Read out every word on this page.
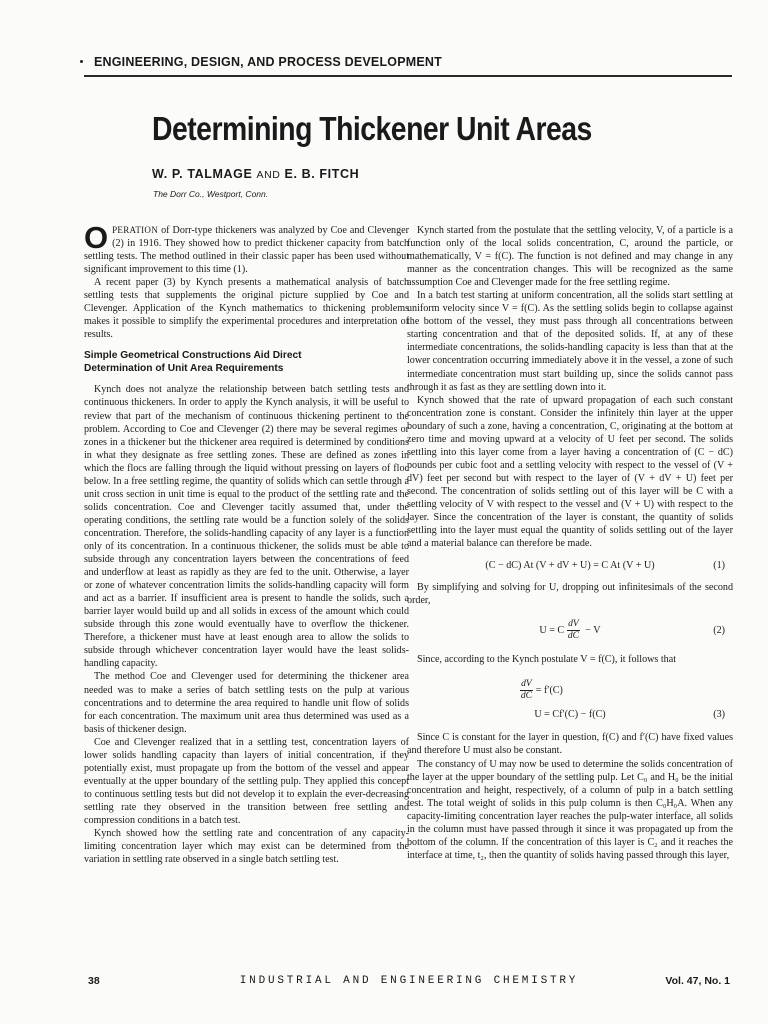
ENGINEERING, DESIGN, AND PROCESS DEVELOPMENT
Determining Thickener Unit Areas
W. P. TALMAGE AND E. B. FITCH
The Dorr Co., Westport, Conn.

OPERATION of Dorr-type thickeners was analyzed by Coe and Clevenger (2) in 1916. They showed how to predict thickener capacity from batch settling tests. The method outlined in their classic paper has been used without significant improvement to this time (1).

A recent paper (3) by Kynch presents a mathematical analysis of batch settling tests that supplements the original picture supplied by Coe and Clevenger. Application of the Kynch mathematics to thickening problems makes it possible to simplify the experimental procedures and interpretation of results.

Simple Geometrical Constructions Aid Direct
Determination of Unit Area Requirements

Kynch does not analyze the relationship between batch settling tests and continuous thickeners. In order to apply the Kynch analysis, it will be useful to review that part of the mechanism of continuous thickening pertinent to the problem. According to Coe and Clevenger (2) there may be several regimes or zones in a thickener but the thickener area required is determined by conditions in what they designate as free settling zones. These are defined as zones in which the flocs are falling through the liquid without pressing on layers of floc below. In a free settling regime, the quantity of solids which can settle through a unit cross section in unit time is equal to the product of the settling rate and the solids concentration. Coe and Clevenger tacitly assumed that, under the operating conditions, the settling rate would be a function solely of the solids concentration. Therefore, the solids-handling capacity of any layer is a function only of its concentration. In a continuous thickener, the solids must be able to subside through any concentration layers between the concentrations of feed and underflow at least as rapidly as they are fed to the unit. Otherwise, a layer or zone of whatever concentration limits the solids-handling capacity will form and act as a barrier. If insufficient area is present to handle the solids, such a barrier layer would build up and all solids in excess of the amount which could subside through this zone would eventually have to overflow the thickener. Therefore, a thickener must have at least enough area to allow the solids to subside through whichever concentration layer would have the least solids-handling capacity.

The method Coe and Clevenger used for determining the thickener area needed was to make a series of batch settling tests on the pulp at various concentrations and to determine the area required to handle unit flow of solids for each concentration. The maximum unit area thus determined was used as a basis of thickener design.

Coe and Clevenger realized that in a settling test, concentration layers of lower solids handling capacity than layers of initial concentration, if they potentially exist, must propagate up from the bottom of the vessel and appear eventually at the upper boundary of the settling pulp. They applied this concept to continuous settling tests but did not develop it to explain the ever-decreasing settling rate they observed in the transition between free settling and compression conditions in a batch test.

Kynch showed how the settling rate and concentration of any capacity-limiting concentration layer which may exist can be determined from the variation in settling rate observed in a single batch settling test.

Kynch started from the postulate that the settling velocity, V, of a particle is a function only of the local solids concentration, C, around the particle, or mathematically, V = f(C). The function is not defined and may change in any manner as the concentration changes. This will be recognized as the same assumption Coe and Clevenger made for the free settling regime.

In a batch test starting at uniform concentration, all the solids start settling at uniform velocity since V = f(C). As the settling solids begin to collapse against the bottom of the vessel, they must pass through all concentrations between starting concentration and that of the deposited solids. If, at any of these intermediate concentrations, the solids-handling capacity is less than that at the lower concentration occurring immediately above it in the vessel, a zone of such intermediate concentration must start building up, since the solids cannot pass through it as fast as they are settling down into it.

Kynch showed that the rate of upward propagation of each such constant concentration zone is constant. Consider the infinitely thin layer at the upper boundary of such a zone, having a concentration, C, originating at the bottom at zero time and moving upward at a velocity of U feet per second. The solids settling into this layer come from a layer having a concentration of (C − dC) pounds per cubic foot and a settling velocity with respect to the vessel of (V + dV) feet per second but with respect to the layer of (V + dV + U) feet per second. The concentration of solids settling out of this layer will be C with a settling velocity of V with respect to the vessel and (V + U) with respect to the layer. Since the concentration of the layer is constant, the quantity of solids settling into the layer must equal the quantity of solids settling out of the layer and a material balance can therefore be made.

(C − dC) At (V + dV + U) = C At (V + U)	(1)

By simplifying and solving for U, dropping out infinitesimals of the second order,

U = C $\frac{dV}{dC} - V$	(2)

Since, according to the Kynch postulate V = f(C), it follows that

$\frac{dV}{dC} = f'(C)$
U = Cf′(C) − f(C)	(3)

Since C is constant for the layer in question, f(C) and f′(C) have fixed values and therefore U must also be constant.

The constancy of U may now be used to determine the solids concentration of the layer at the upper boundary of the settling pulp. Let C₀ and H₀ be the initial concentration and height, respectively, of a column of pulp in a batch settling test. The total weight of solids in this pulp column is then C₀H₀A. When any capacity-limiting concentration layer reaches the pulp-water interface, all solids in the column must have passed through it since it was propagated up from the bottom of the column. If the concentration of this layer is C₂ and it reaches the interface at time, t₂, then the quantity of solids having passed through this layer,

38	INDUSTRIAL AND ENGINEERING CHEMISTRY	Vol. 47, No. 1
